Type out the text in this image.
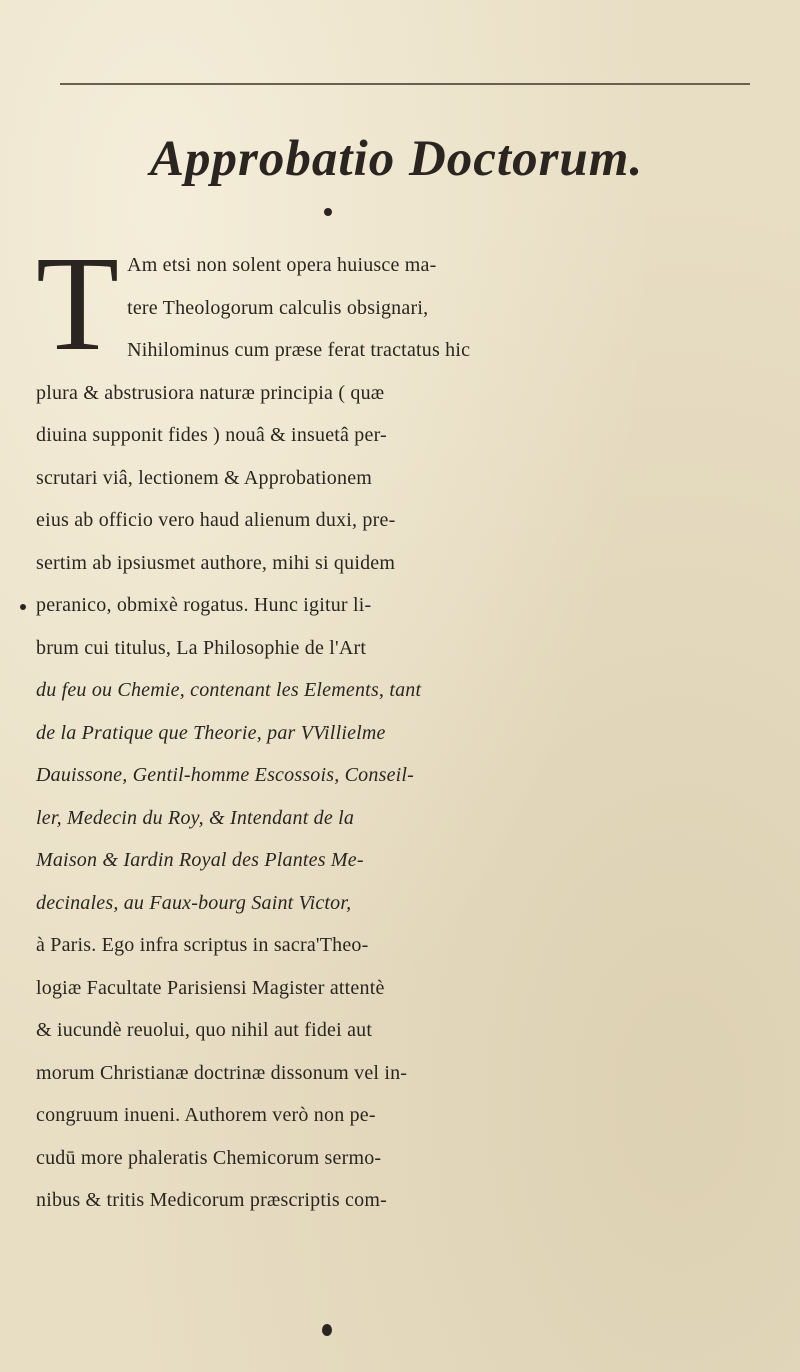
Approbatio Doctorum.
T Am etsi non solent opera huiusce ma-
tere Theologorum calculis obsignari,
Nihilominus cum præse ferat tractatus hic
plura & abstrusiora naturæ principia ( quæ
diuina supponit fides ) nouâ & insuetâ per-
scrutari viâ, lectionem & Approbationem
eius ab officio vero haud alienum duxi, pre-
sertim ab ipsiusmet authore, mihi si quidem
peranico, obmixè rogatus. Hunc igitur li-
brum cui titulus, La Philosophie de l'Art
du feu ou Chemie, contenant les Elements, tant
de la Pratique que Theorie, par VVillielme
Dauissone, Gentil-homme Escossois, Conseil-
ler, Medecin du Roy, & Intendant de la
Maison & Iardin Royal des Plantes Me-
decinales, au Faux-bourg Saint Victor,
à Paris. Ego infra scriptus in sacra'Theo-
logiæ Facultate Parisiensi Magister attentè
& iucundè reuolui, quo nihil aut fidei aut
morum Christianæ doctrinæ dissonum vel in-
congruum inueni. Authorem verò non pe-
cudū more phaleratis Chemicorum sermo-
nibus & tritis Medicorum præscriptis com-
